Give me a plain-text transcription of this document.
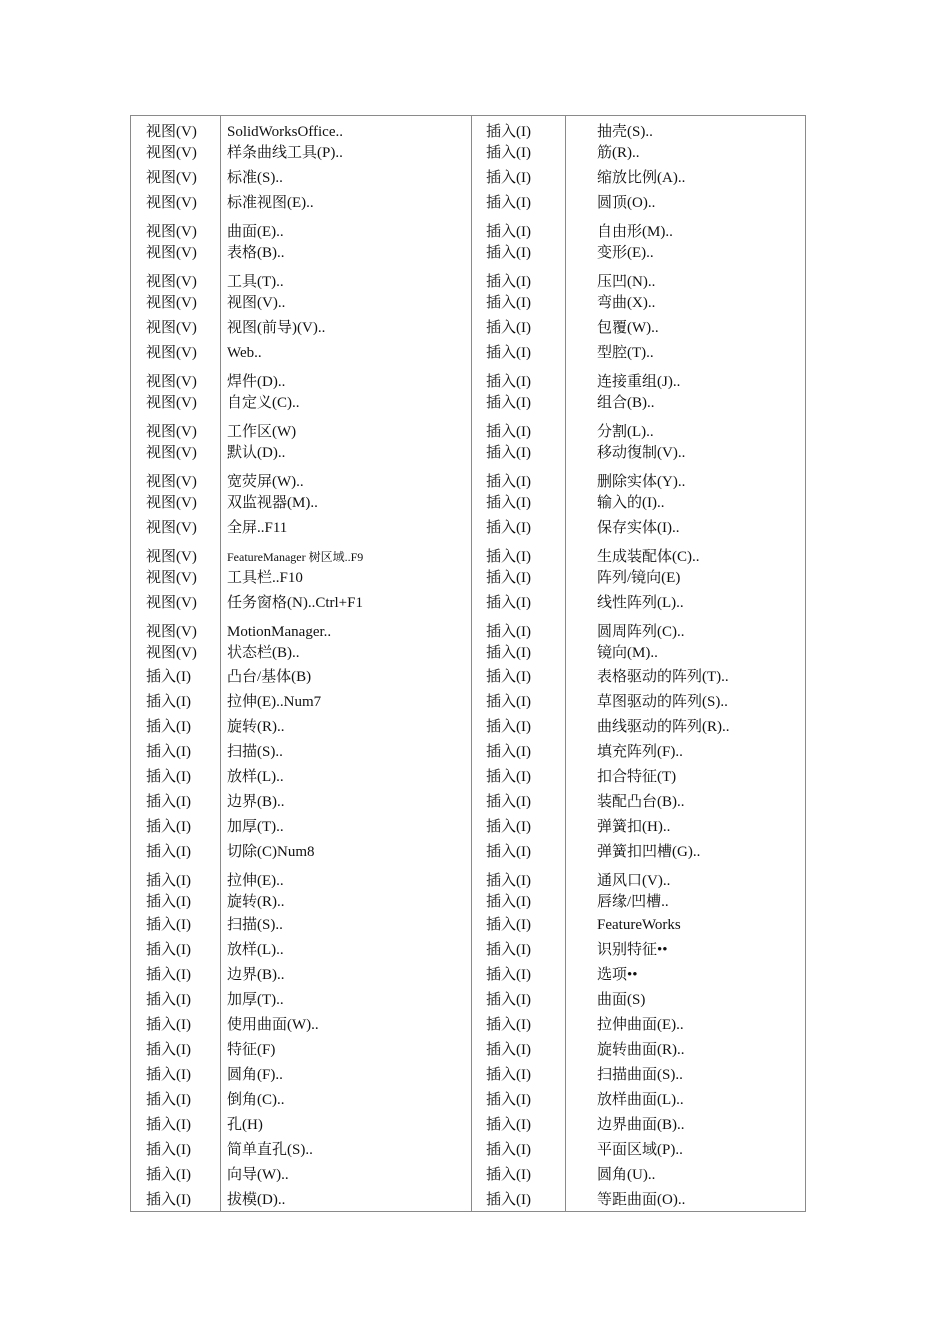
视图(V) SolidWorksOffice..	插入(I)	抽壳(S)..
视图(V) 样条曲线工具(P)..	插入(I)	筋(R)..
视图(V) 标准(S)..	插入(I)	缩放比例(A)..
视图(V) 标准视图(E)..	插入(I)	圆顶(O)..
视图(V) 曲面(E)..	插入(I)	自由形(M)..
视图(V) 表格(B)..	插入(I)	变形(E)..
视图(V) 工具(T)..	插入(I)	压凹(N)..
视图(V) 视图(V)..	插入(I)	弯曲(X)..
视图(V) 视图(前导)(V)..	插入(I)	包覆(W)..
视图(V) Web..	插入(I)	型腔(T)..
视图(V) 焊件(D)..	插入(I)	连接重组(J)..
视图(V) 自定义(C)..	插入(I)	组合(B)..
视图(V) 工作区(W)	插入(I)	分割(L)..
视图(V) 默认(D)..	插入(I)	移动復制(V)..
视图(V) 宽荧屏(W)..	插入(I)	删除实体(Y)..
视图(V) 双监视器(M)..	插入(I)	输入的(I)..
视图(V) 全屏..F11	插入(I)	保存实体(I)..
视图(V)	FeatureManager 树区域..F9	插入(I)	生成装配体(C)..
视图(V) 工具栏..F10	插入(I)	阵列/镜向(E)
视图(V) 任务窗格(N)..Ctrl+F1	插入(I)	线性阵列(L)..
视图(V) MotionManager..	插入(I)	圆周阵列(C)..
视图(V) 状态栏(B)..	插入(I)	镜向(M)..
插入(I) 凸台/基体(B)	插入(I)	表格驱动的阵列(T)..
插入(I) 拉伸(E)..Num7	插入(I)	草图驱动的阵列(S)..
插入(I) 旋转(R)..	插入(I)	曲线驱动的阵列(R)..
插入(I) 扫描(S)..	插入(I)	填充阵列(F)..
插入(I) 放样(L)..	插入(I)	扣合特征(T)
插入(I) 边界(B)..	插入(I)	装配凸台(B)..
插入(I) 加厚(T)..	插入(I)	弹簧扣(H)..
插入(I) 切除(C)Num8	插入(I)	弹簧扣凹槽(G)..
插入(I) 拉伸(E)..	插入(I)	通风口(V)..
插入(I) 旋转(R)..	插入(I)	唇缘/凹槽..
插入(I) 扫描(S)..	插入(I)	FeatureWorks
插入(I) 放样(L)..	插入(I)	识别特征••
插入(I) 边界(B)..	插入(I)	选项••
插入(I) 加厚(T)..	插入(I)	曲面(S)
插入(I) 使用曲面(W)..	插入(I)	拉伸曲面(E)..
插入(I) 特征(F)	插入(I)	旋转曲面(R)..
插入(I) 圆角(F)..	插入(I)	扫描曲面(S)..
插入(I) 倒角(C)..	插入(I)	放样曲面(L)..
插入(I) 孔(H)	插入(I)	边界曲面(B)..
插入(I) 简单直孔(S)..	插入(I)	平面区域(P)..
插入(I) 向导(W)..	插入(I)	圆角(U)..
插入(I) 拔模(D)..	插入(I)	等距曲面(O)..
